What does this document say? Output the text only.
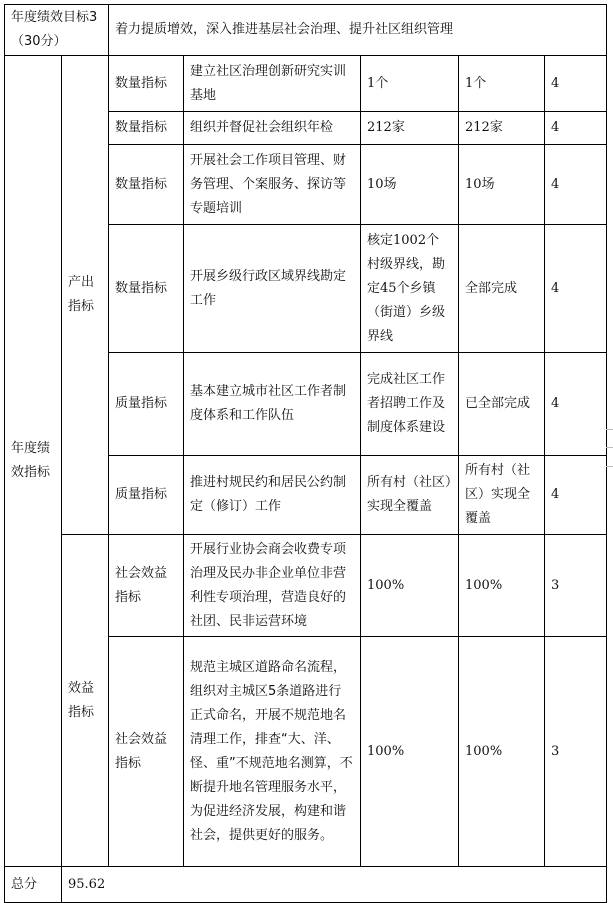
年度绩效目标3（30分）		着力提质增效，深入推进基层社会治理、提升社区组织管理				
年度绩效指标	产出指标	数量指标	建立社区治理创新研究实训基地	1个	1个	4
		数量指标	组织并督促社会组织年检	212家	212家	4
		数量指标	开展社会工作项目管理、财务管理、个案服务、探访等专题培训	10场	10场	4
		数量指标	开展乡级行政区域界线勘定工作	核定1002个村级界线，勘定45个乡镇（街道）乡级界线	全部完成	4
		质量指标	基本建立城市社区工作者制度体系和工作队伍	完成社区工作者招聘工作及制度体系建设	已全部完成	4
		质量指标	推进村规民约和居民公约制定（修订）工作	所有村（社区）实现全覆盖	所有村（社区）实现全覆盖	4
	效益指标	社会效益指标	开展行业协会商会收费专项治理及民办非企业单位非营利性专项治理，营造良好的社团、民非运营环境	100%	100%	3
		社会效益指标	规范主城区道路命名流程，组织对主城区5条道路进行正式命名，开展不规范地名清理工作，排查“大、洋、怪、重”不规范地名测算，不断提升地名管理服务水平，为促进经济发展，构建和谐社会，提供更好的服务。	100%	100%	3
总分	95.62					
